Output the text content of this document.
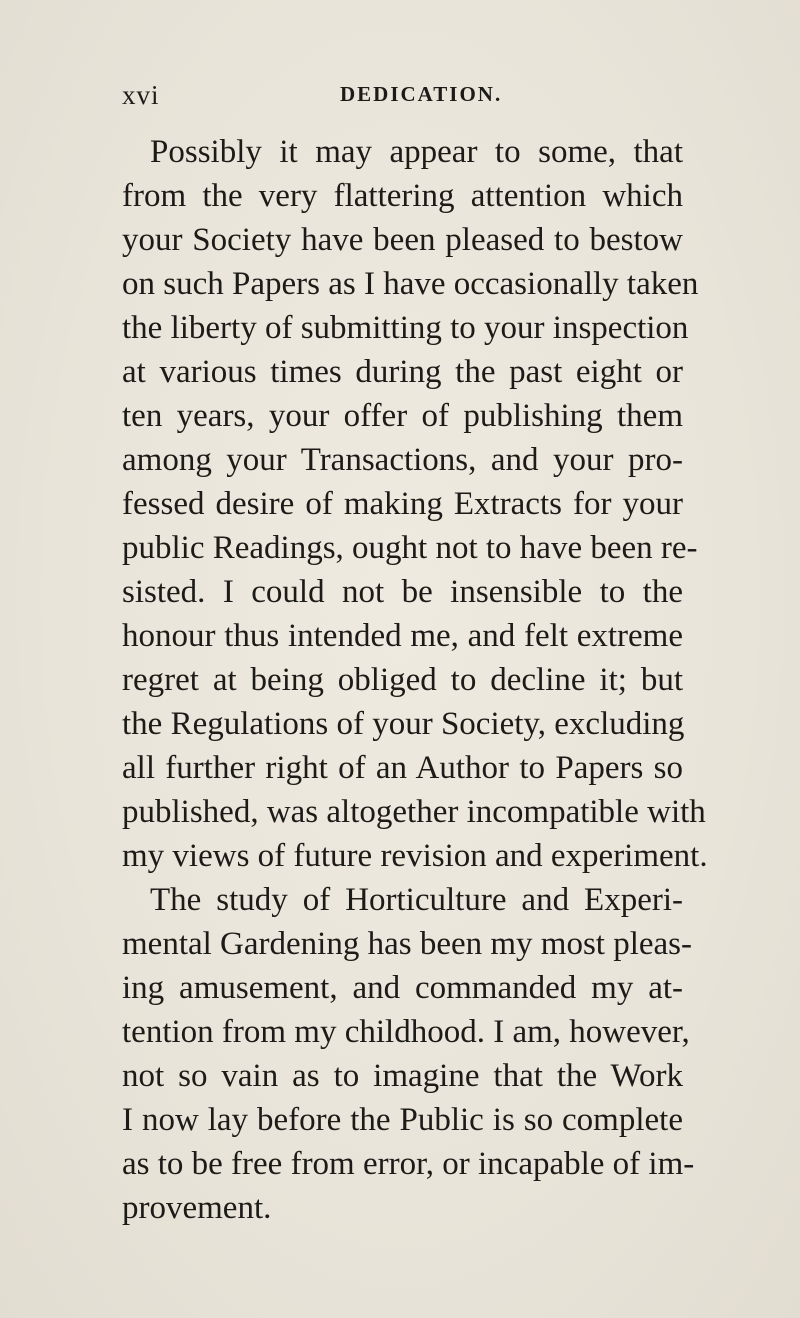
xvi	DEDICATION.
Possibly it may appear to some, that
from the very flattering attention which
your Society have been pleased to bestow
on such Papers as I have occasionally taken
the liberty of submitting to your inspection
at various times during the past eight or
ten years, your offer of publishing them
among your Transactions, and your pro-
fessed desire of making Extracts for your
public Readings, ought not to have been re-
sisted. I could not be insensible to the
honour thus intended me, and felt extreme
regret at being obliged to decline it; but
the Regulations of your Society, excluding
all further right of an Author to Papers so
published, was altogether incompatible with
my views of future revision and experiment.
The study of Horticulture and Experi-
mental Gardening has been my most pleas-
ing amusement, and commanded my at-
tention from my childhood. I am, however,
not so vain as to imagine that the Work
I now lay before the Public is so complete
as to be free from error, or incapable of im-
provement.
